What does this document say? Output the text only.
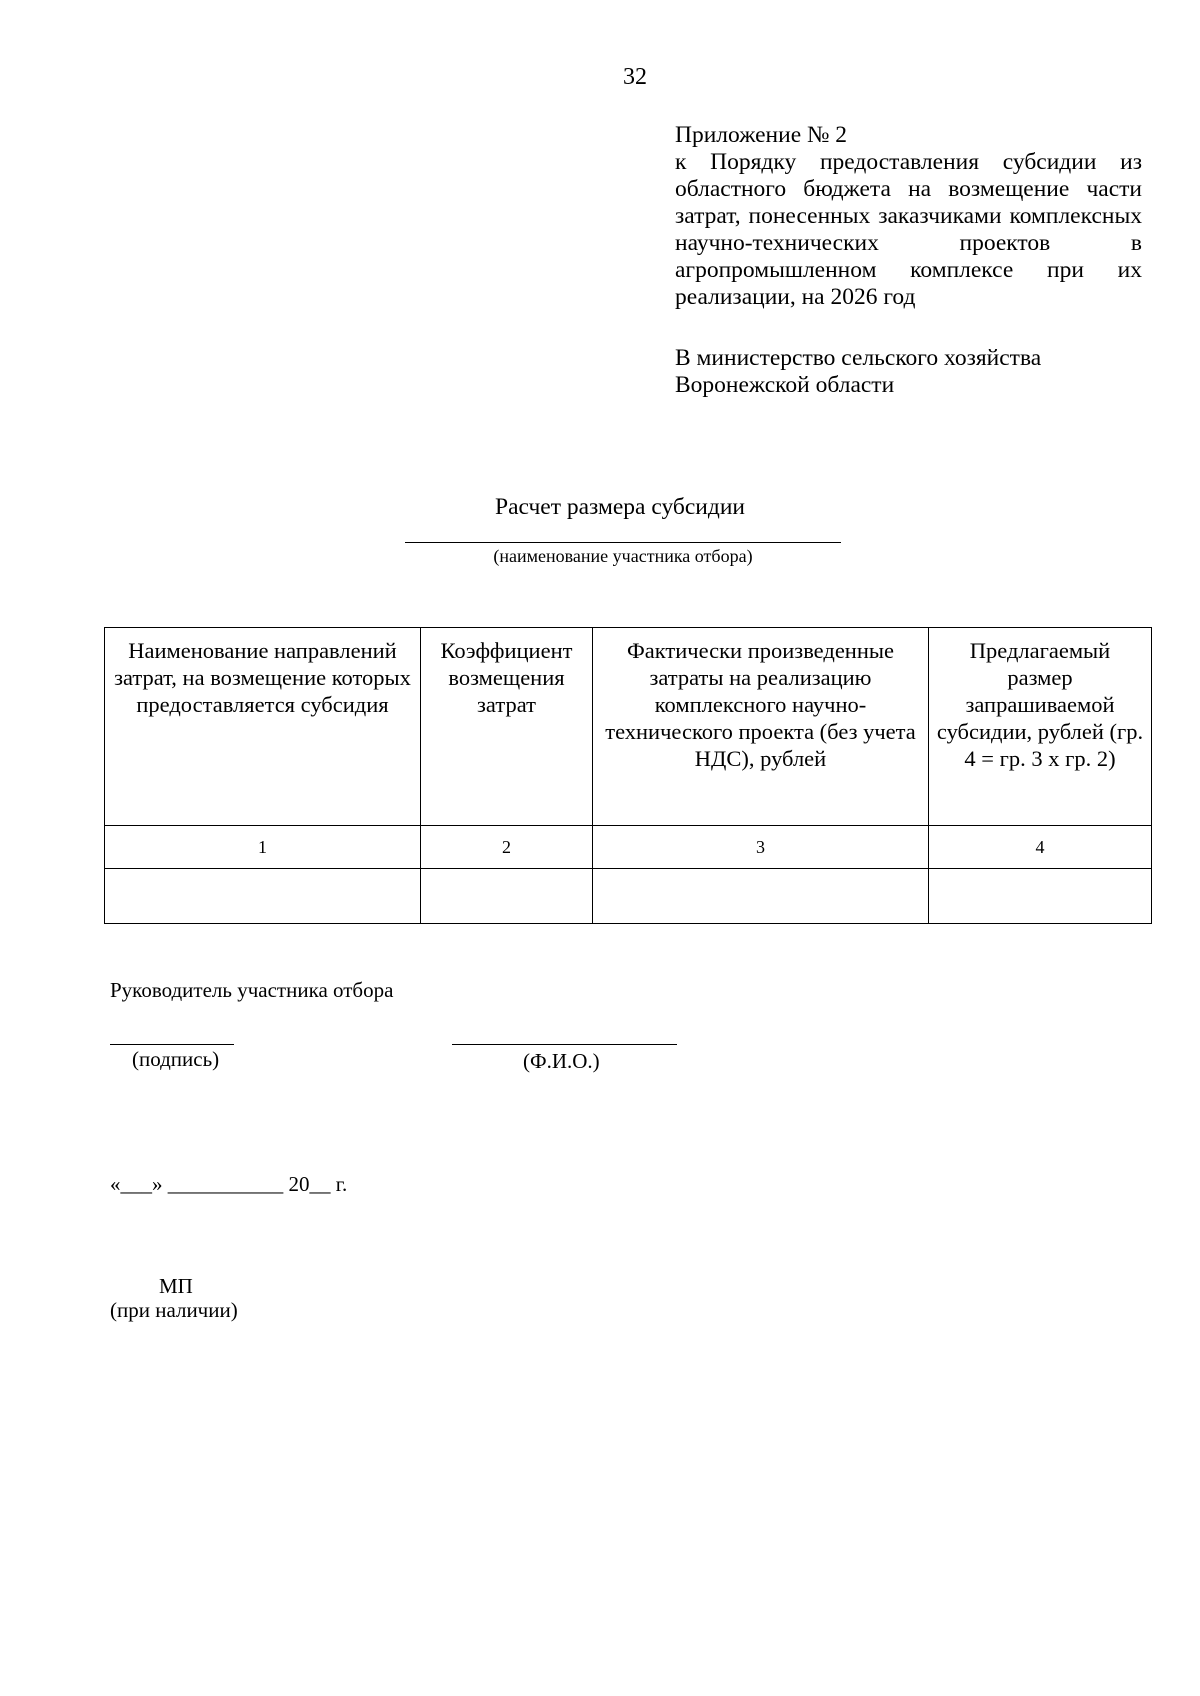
32
Приложение № 2
к Порядку предоставления субсидии из областного бюджета на возмещение части затрат, понесенных заказчиками комплексных научно-технических проектов в агропромышленном комплексе при их реализации, на 2026 год
В министерство сельского хозяйства
Воронежской области
Расчет размера субсидии
(наименование участника отбора)
Наименование направлений затрат, на возмещение которых предоставляется субсидия	Коэффициент возмещения затрат	Фактически произведенные затраты на реализацию комплексного научно-технического проекта (без учета НДС), рублей	Предлагаемый размер запрашиваемой субсидии, рублей (гр. 4 = гр. 3 х гр. 2)
1	2	3	4

Руководитель участника отбора
(подпись)	(Ф.И.О.)
«___» ___________ 20__ г.
МП
(при наличии)
